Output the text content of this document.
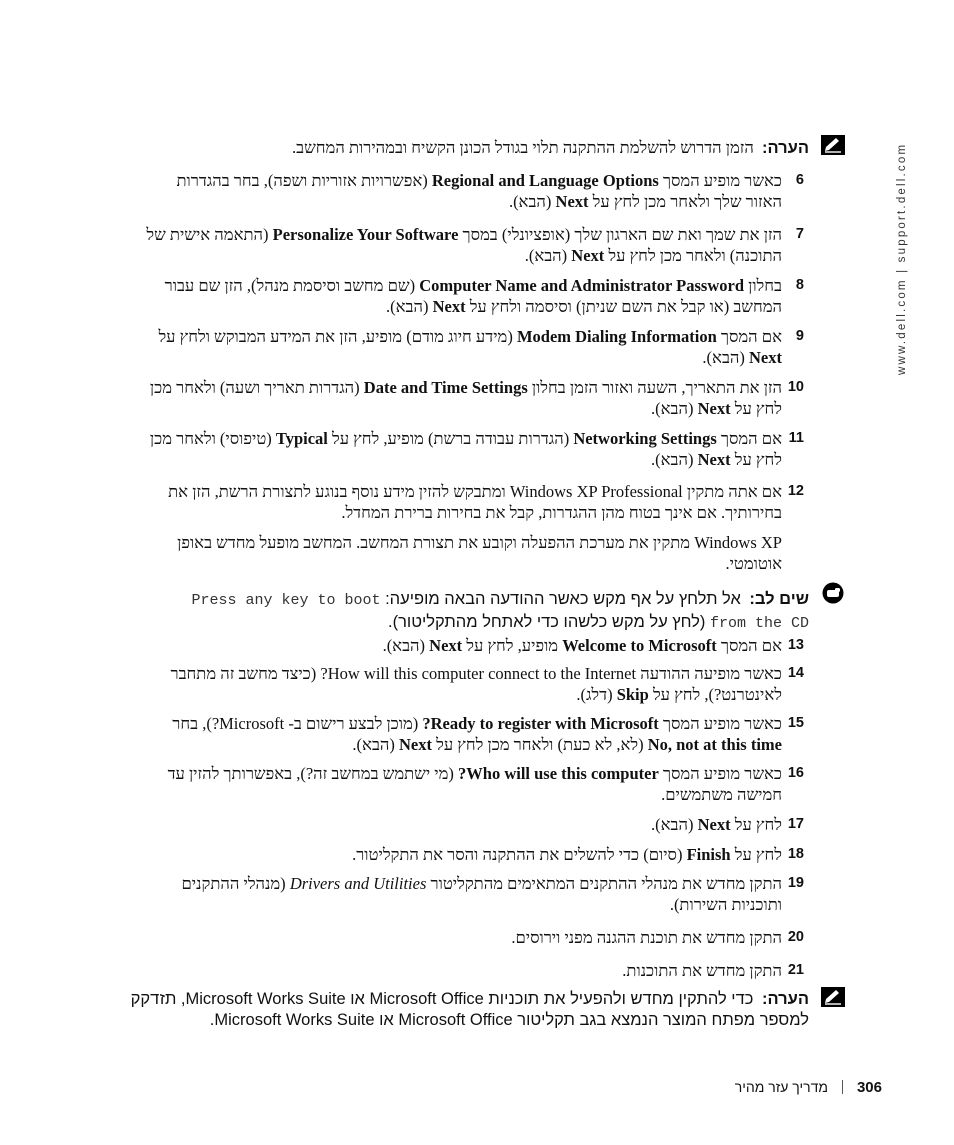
www.dell.com | support.dell.com
הערה: הזמן הדרוש להשלמת ההתקנה תלוי בגודל הכונן הקשיח ובמהירות המחשב.
6

כאשר מופיע המסך Regional and Language Options (אפשרויות אזוריות ושפה), בחר בהגדרות האזור שלך ולאחר מכן לחץ על Next (הבא).

7

הזן את שמך ואת שם הארגון שלך (אופציונלי) במסך Personalize Your Software (התאמה אישית של התוכנה) ולאחר מכן לחץ על Next (הבא).

8

בחלון Computer Name and Administrator Password (שם מחשב וסיסמת מנהל), הזן שם עבור המחשב (או קבל את השם שניתן) וסיסמה ולחץ על Next (הבא).

9

אם המסך Modem Dialing Information (מידע חיוג מודם) מופיע, הזן את המידע המבוקש ולחץ על Next (הבא).

10

הזן את התאריך, השעה ואזור הזמן בחלון Date and Time Settings (הגדרות תאריך ושעה) ולאחר מכן לחץ על Next (הבא).

11

אם המסך Networking Settings (הגדרות עבודה ברשת) מופיע, לחץ על Typical (טיפוסי) ולאחר מכן לחץ על Next (הבא).

12

אם אתה מתקין Windows XP Professional ומתבקש להזין מידע נוסף בנוגע לתצורת הרשת, הזן את בחירותיך. אם אינך בטוח מהן ההגדרות, קבל את בחירות ברירת המחדל.

Windows XP מתקין את מערכת ההפעלה וקובע את תצורת המחשב. המחשב מופעל מחדש באופן אוטומטי.

שים לב: אל תלחץ על אף מקש כאשר ההודעה הבאה מופיעה: Press any key to boot
from the CD (לחץ על מקש כלשהו כדי לאתחל מהתקליטור).
13

אם המסך Welcome to Microsoft מופיע, לחץ על Next (הבא).

14

כאשר מופיעה ההודעה How will this computer connect to the Internet? (כיצד מחשב זה מתחבר לאינטרנט?), לחץ על Skip (דלג).

15

כאשר מופיע המסך Ready to register with Microsoft? (מוכן לבצע רישום ב- Microsoft?), בחר No, not at this time (לא, לא כעת) ולאחר מכן לחץ על Next (הבא).

16

כאשר מופיע המסך Who will use this computer? (מי ישתמש במחשב זה?), באפשרותך להזין עד חמישה משתמשים.

17

לחץ על Next (הבא).

18

לחץ על Finish (סיום) כדי להשלים את ההתקנה והסר את התקליטור.

19

התקן מחדש את מנהלי ההתקנים המתאימים מהתקליטור Drivers and Utilities (מנהלי ההתקנים ותוכניות השירות).

20

התקן מחדש את תוכנת ההגנה מפני וירוסים.

21

התקן מחדש את התוכנות.

הערה: כדי להתקין מחדש ולהפעיל את תוכניות Microsoft Office או Microsoft Works Suite, תזדקק למספר מפתח המוצר הנמצא בגב תקליטור Microsoft Office או Microsoft Works Suite.
306מדריך עזר מהיר
